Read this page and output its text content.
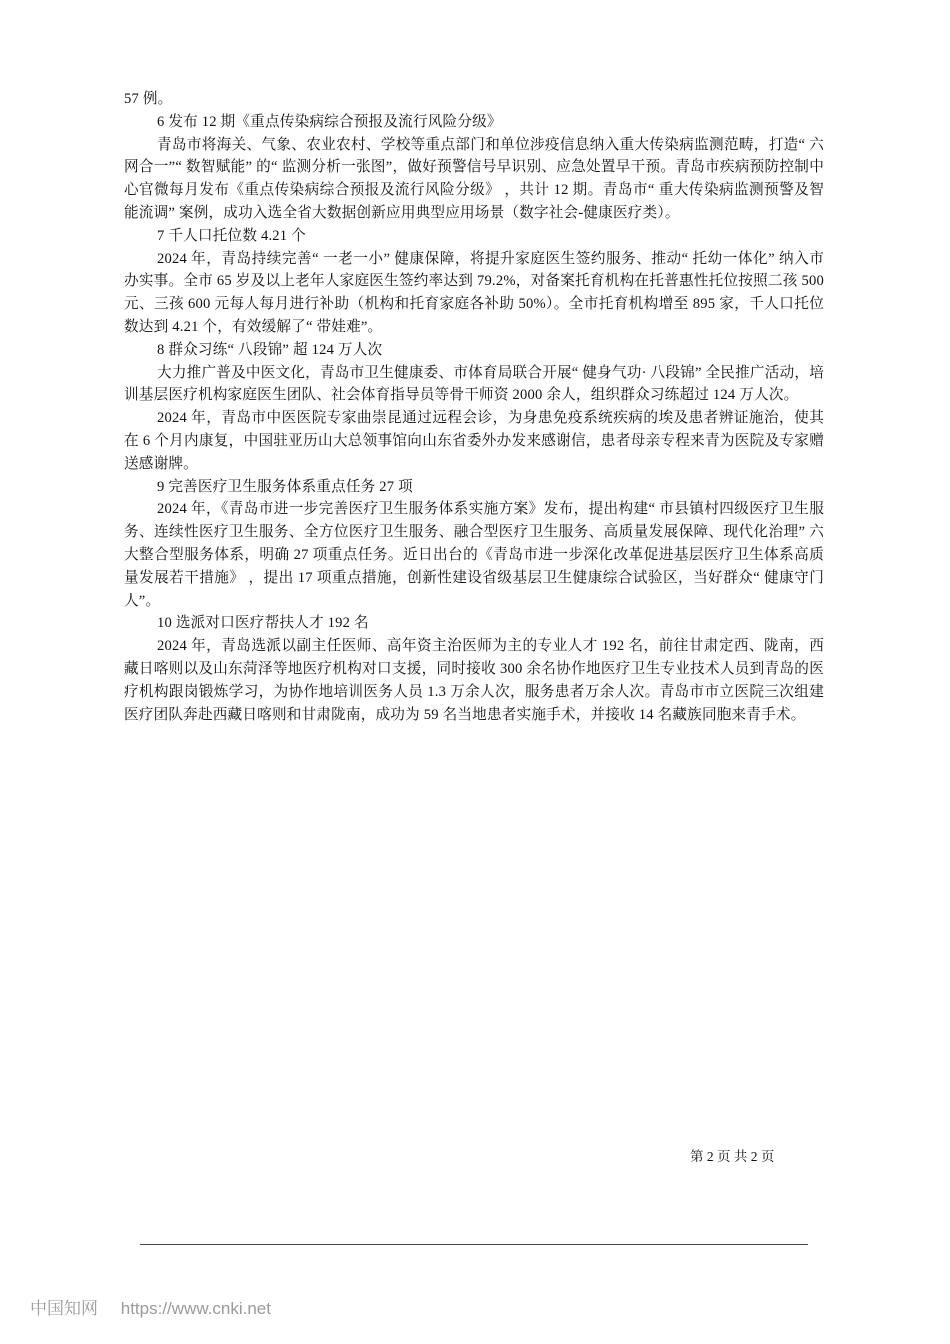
57 例。

6 发布 12 期《重点传染病综合预报及流行风险分级》

青岛市将海关、气象、农业农村、学校等重点部门和单位涉疫信息纳入重大传染病监测范畴，打造“ 六网合一”“ 数智赋能” 的“ 监测分析一张图”，做好预警信号早识别、应急处置早干预。青岛市疾病预防控制中心官微每月发布《重点传染病综合预报及流行风险分级》 ，共计 12 期。青岛市“ 重大传染病监测预警及智能流调” 案例，成功入选全省大数据创新应用典型应用场景（数字社会-健康医疗类）。

7 千人口托位数 4.21 个

2024 年，青岛持续完善“ 一老一小” 健康保障，将提升家庭医生签约服务、推动“ 托幼一体化” 纳入市办实事。全市 65 岁及以上老年人家庭医生签约率达到 79.2%，对备案托育机构在托普惠性托位按照二孩 500 元、三孩 600 元每人每月进行补助（机构和托育家庭各补助 50%）。全市托育机构增至 895 家，千人口托位数达到 4.21 个，有效缓解了“ 带娃难”。

8 群众习练“ 八段锦” 超 124 万人次

大力推广普及中医文化，青岛市卫生健康委、市体育局联合开展“ 健身气功· 八段锦” 全民推广活动，培训基层医疗机构家庭医生团队、社会体育指导员等骨干师资 2000 余人，组织群众习练超过 124 万人次。

2024 年，青岛市中医医院专家曲崇昆通过远程会诊，为身患免疫系统疾病的埃及患者辨证施治，使其在 6 个月内康复，中国驻亚历山大总领事馆向山东省委外办发来感谢信，患者母亲专程来青为医院及专家赠送感谢牌。

9 完善医疗卫生服务体系重点任务 27 项

2024 年，《青岛市进一步完善医疗卫生服务体系实施方案》发布，提出构建“ 市县镇村四级医疗卫生服务、连续性医疗卫生服务、全方位医疗卫生服务、融合型医疗卫生服务、高质量发展保障、现代化治理” 六大整合型服务体系，明确 27 项重点任务。近日出台的《青岛市进一步深化改革促进基层医疗卫生体系高质量发展若干措施》 ，提出 17 项重点措施，创新性建设省级基层卫生健康综合试验区，当好群众“ 健康守门人”。

10 选派对口医疗帮扶人才 192 名

2024 年，青岛选派以副主任医师、高年资主治医师为主的专业人才 192 名，前往甘肃定西、陇南，西藏日喀则以及山东菏泽等地医疗机构对口支援，同时接收 300 余名协作地医疗卫生专业技术人员到青岛的医疗机构跟岗锻炼学习，为协作地培训医务人员 1.3 万余人次，服务患者万余人次。青岛市市立医院三次组建医疗团队奔赴西藏日喀则和甘肃陇南，成功为 59 名当地患者实施手术，并接收 14 名藏族同胞来青手术。

第 2 页 共 2 页
中国知网 https://www.cnki.net
